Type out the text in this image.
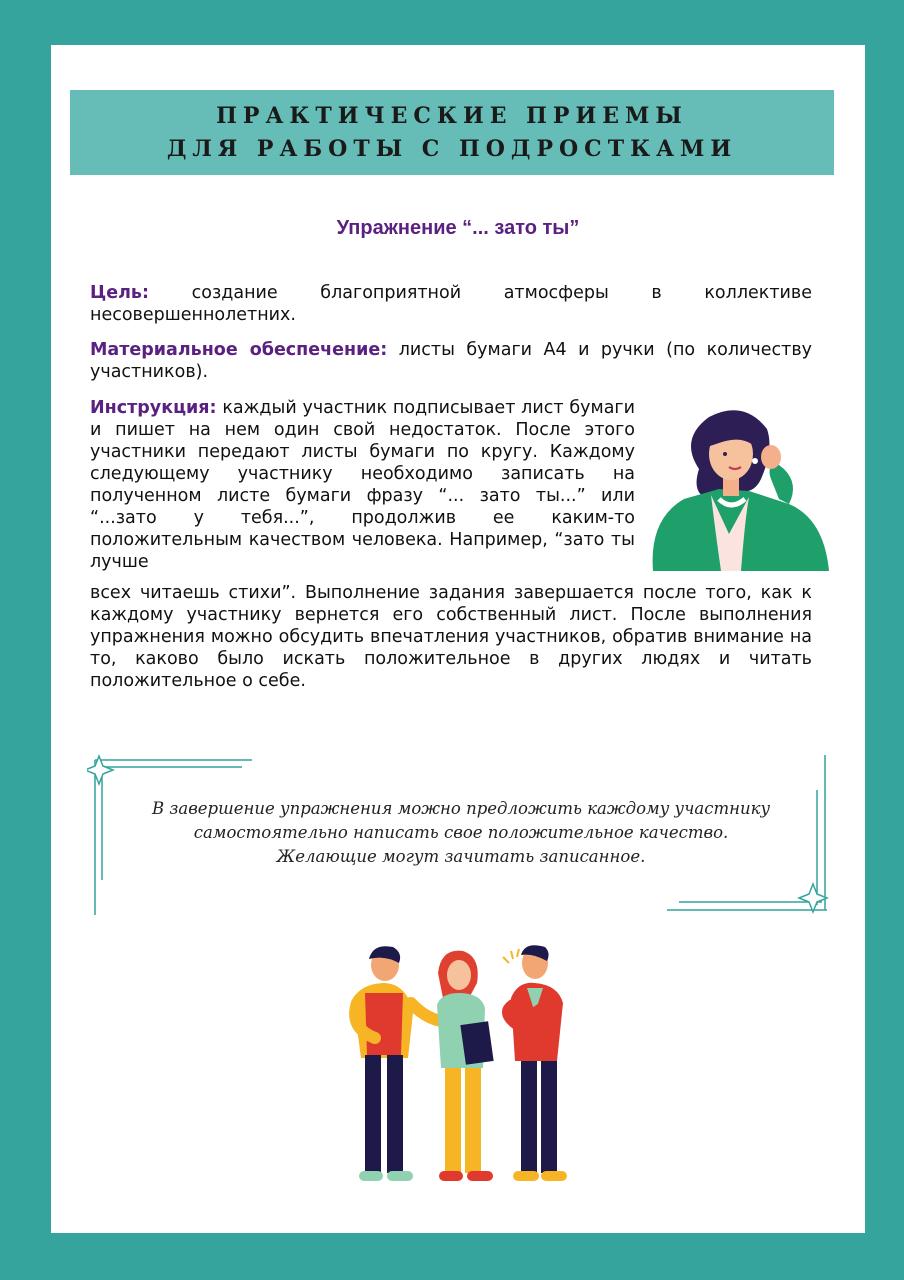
ПРАКТИЧЕСКИЕ ПРИЕМЫ
ДЛЯ РАБОТЫ С ПОДРОСТКАМИ
Упражнение “... зато ты”

Цель: создание благоприятной атмосферы в коллективе несовершеннолетних.

Материальное обеспечение: листы бумаги А4 и ручки (по количеству участников).

Инструкция: каждый участник подписывает лист бумаги и пишет на нем один свой недостаток. После этого участники передают листы бумаги по кругу. Каждому следующему участнику необходимо записать на полученном листе бумаги фразу “... зато ты...” или “...зато у тебя...”, продолжив ее каким-то положительным качеством человека. Например, “зато ты лучше

всех читаешь стихи”. Выполнение задания завершается после того, как к каждому участнику вернется его собственный лист. После выполнения упражнения можно обсудить впечатления участников, обратив внимание на то, каково было искать положительное в других людях и читать положительное о себе.

В завершение упражнения можно предложить каждому участнику
самостоятельно написать свое положительное качество.
Желающие могут зачитать записанное.
